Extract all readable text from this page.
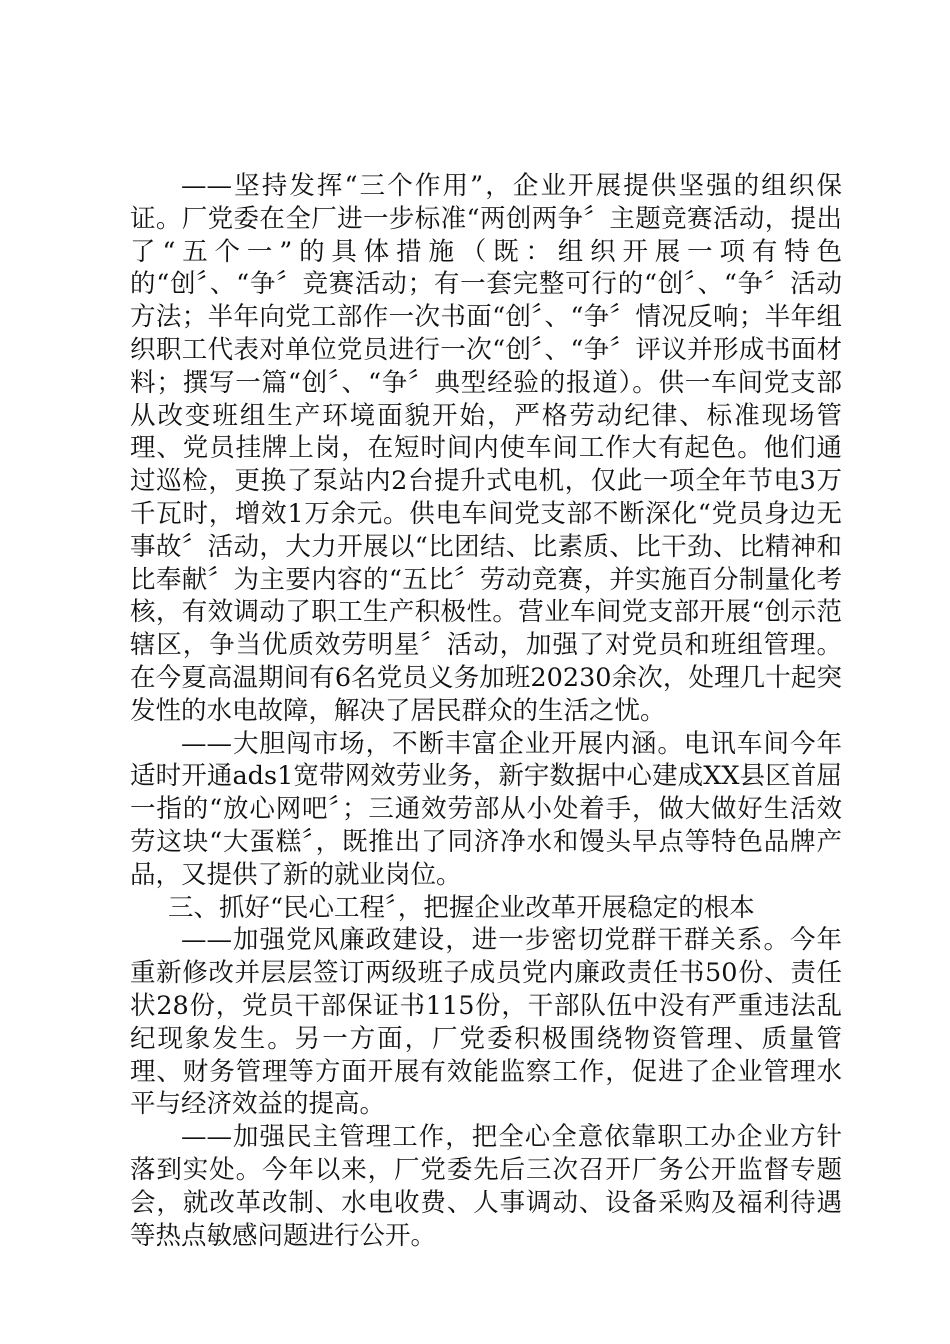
——坚持发挥“三个作用”，企业开展提供坚强的组织保证。厂党委在全厂进一步标准“两创两争〞主题竞赛活动，提出了“五个一”的具体措施（既：组织开展一项有特色的“创〞、“争〞竞赛活动；有一套完整可行的“创〞、“争〞活动方法；半年向党工部作一次书面“创〞、“争〞情况反响；半年组织职工代表对单位党员进行一次“创〞、“争〞评议并形成书面材料；撰写一篇“创〞、“争〞典型经验的报道）。供一车间党支部从改变班组生产环境面貌开始，严格劳动纪律、标准现场管理、党员挂牌上岗，在短时间内使车间工作大有起色。他们通过巡检，更换了泵站内2台提升式电机，仅此一项全年节电3万千瓦时，增效1万余元。供电车间党支部不断深化“党员身边无事故〞活动，大力开展以“比团结、比素质、比干劲、比精神和比奉献〞为主要内容的“五比〞劳动竞赛，并实施百分制量化考核，有效调动了职工生产积极性。营业车间党支部开展“创示范辖区，争当优质效劳明星〞活动，加强了对党员和班组管理。在今夏高温期间有6名党员义务加班20230余次，处理几十起突发性的水电故障，解决了居民群众的生活之忧。

——大胆闯市场，不断丰富企业开展内涵。电讯车间今年适时开通ads1宽带网效劳业务，新宇数据中心建成XX县区首屈一指的“放心网吧〞；三通效劳部从小处着手，做大做好生活效劳这块“大蛋糕〞，既推出了同济净水和馒头早点等特色品牌产品，又提供了新的就业岗位。

三、抓好“民心工程〞，把握企业改革开展稳定的根本

——加强党风廉政建设，进一步密切党群干群关系。今年重新修改并层层签订两级班子成员党内廉政责任书50份、责任状28份，党员干部保证书115份，干部队伍中没有严重违法乱纪现象发生。另一方面，厂党委积极围绕物资管理、质量管理、财务管理等方面开展有效能监察工作，促进了企业管理水平与经济效益的提高。

——加强民主管理工作，把全心全意依靠职工办企业方针落到实处。今年以来，厂党委先后三次召开厂务公开监督专题会，就改革改制、水电收费、人事调动、设备采购及福利待遇等热点敏感问题进行公开。
